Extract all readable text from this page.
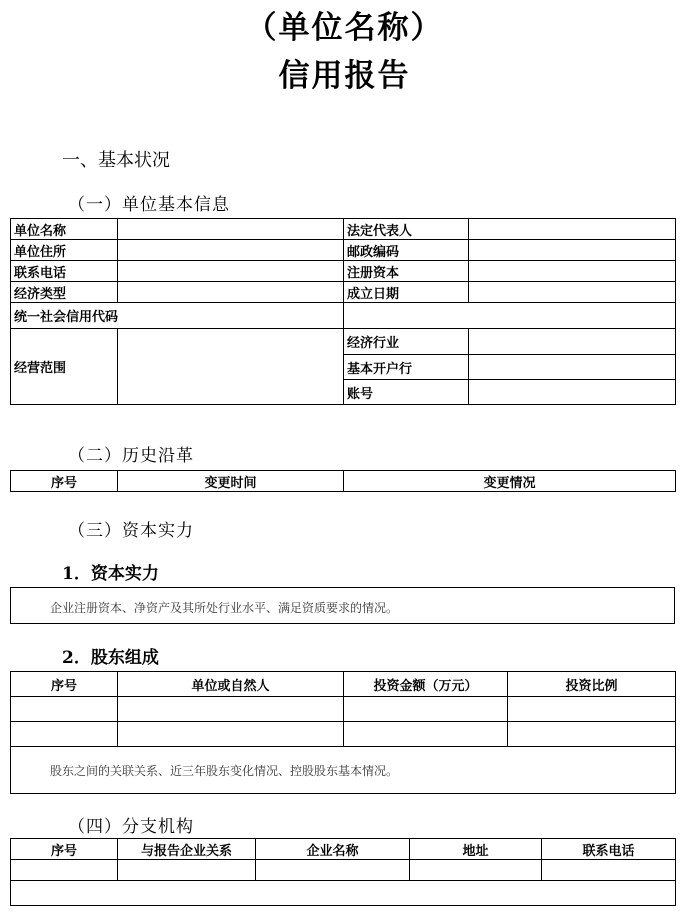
（单位名称）
信用报告
一、基本状况
（一）单位基本信息
单位名称		法定代表人	
单位住所		邮政编码	
联系电话		注册资本	
经济类型		成立日期	
统一社会信用代码			
经营范围		经济行业	
		基本开户行	
		账号	
（二）历史沿革
序号	变更时间	变更情况
（三）资本实力
1．资本实力
企业注册资本、净资产及其所处行业水平、满足资质要求的情况。
2．股东组成
序号	单位或自然人	投资金额（万元）	投资比例

股东之间的关联关系、近三年股东变化情况、控股股东基本情况。			
（四）分支机构
序号	与报告企业关系	企业名称	地址	联系电话
